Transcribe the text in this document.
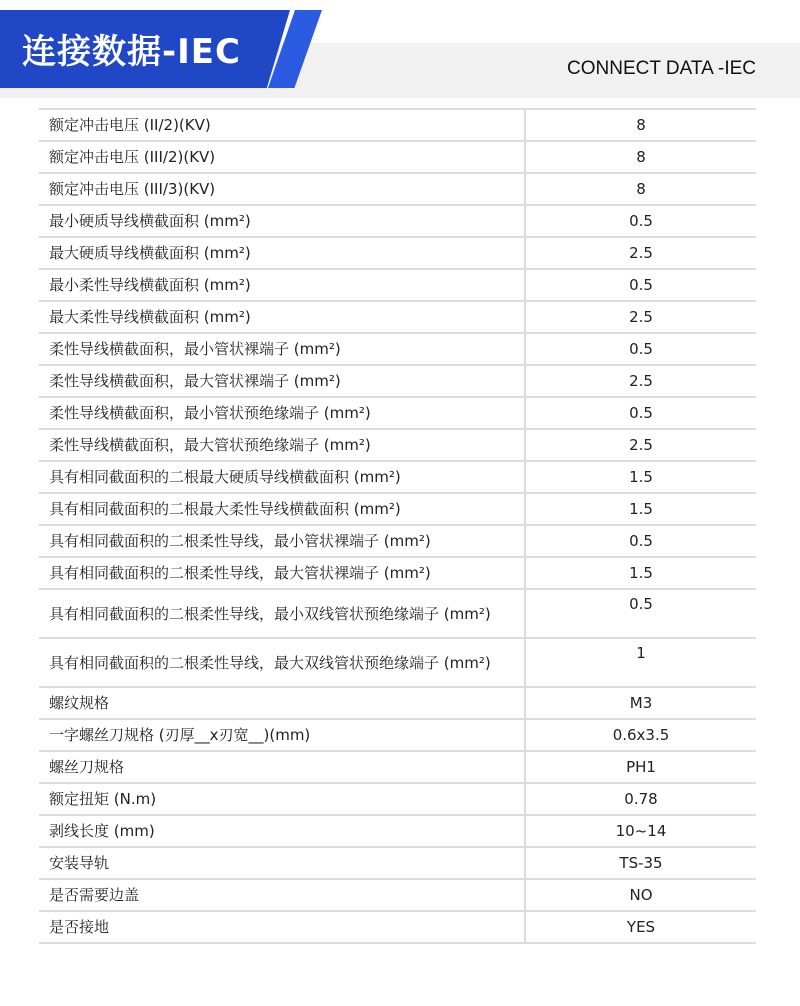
连接数据-IEC	CONNECT DATA -IEC
额定冲击电压 (II/2)(KV)	8
额定冲击电压 (III/2)(KV)	8
额定冲击电压 (III/3)(KV)	8
最小硬质导线横截面积 (mm²)	0.5
最大硬质导线横截面积 (mm²)	2.5
最小柔性导线横截面积 (mm²)	0.5
最大柔性导线横截面积 (mm²)	2.5
柔性导线横截面积，最小管状裸端子 (mm²)	0.5
柔性导线横截面积，最大管状裸端子 (mm²)	2.5
柔性导线横截面积，最小管状预绝缘端子 (mm²)	0.5
柔性导线横截面积，最大管状预绝缘端子 (mm²)	2.5
具有相同截面积的二根最大硬质导线横截面积 (mm²)	1.5
具有相同截面积的二根最大柔性导线横截面积 (mm²)	1.5
具有相同截面积的二根柔性导线，最小管状裸端子 (mm²)	0.5
具有相同截面积的二根柔性导线，最大管状裸端子 (mm²)	1.5
具有相同截面积的二根柔性导线，最小双线管状预绝缘端子 (mm²)	0.5
具有相同截面积的二根柔性导线，最大双线管状预绝缘端子 (mm²)	1
螺纹规格	M3
一字螺丝刀规格 (刃厚__x刃宽__)(mm)	0.6x3.5
螺丝刀规格	PH1
额定扭矩 (N.m)	0.78
剥线长度 (mm)	10~14
安装导轨	TS-35
是否需要边盖	NO
是否接地	YES
